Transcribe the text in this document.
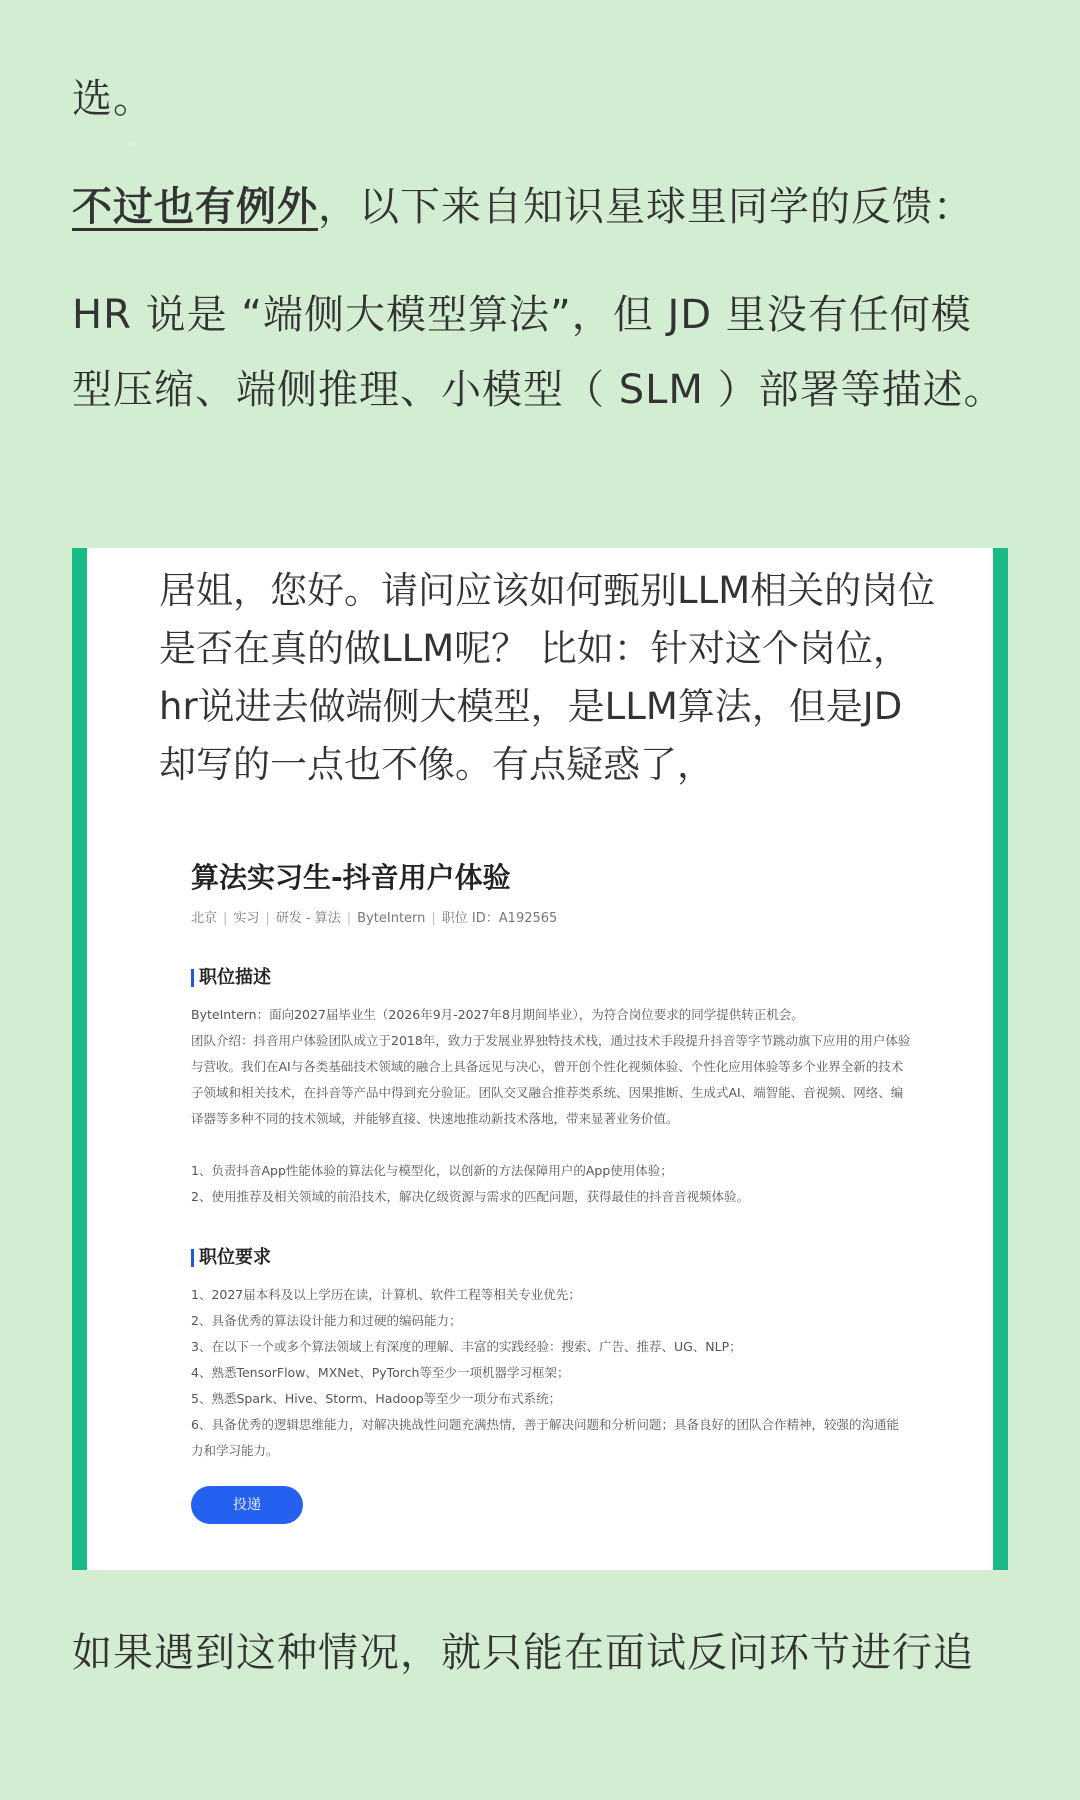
选。

不过也有例外，以下来自知识星球里同学的反馈：

HR 说是 “端侧大模型算法”，但 JD 里没有任何模型压缩、端侧推理、小模型（ SLM ）部署等描述。

居姐，您好。请问应该如何甄别LLM相关的岗位是否在真的做LLM呢？ 比如：针对这个岗位，hr说进去做端侧大模型，是LLM算法，但是JD却写的一点也不像。有点疑惑了，

算法实习生-抖音用户体验
北京 | 实习 | 研发 - 算法 | ByteIntern | 职位 ID：A192565
职位描述

ByteIntern：面向2027届毕业生（2026年9月-2027年8月期间毕业），为符合岗位要求的同学提供转正机会。

团队介绍：抖音用户体验团队成立于2018年，致力于发展业界独特技术栈，通过技术手段提升抖音等字节跳动旗下应用的用户体验与营收。我们在AI与各类基础技术领域的融合上具备远见与决心，曾开创个性化视频体验、个性化应用体验等多个业界全新的技术子领域和相关技术，在抖音等产品中得到充分验证。团队交叉融合推荐类系统、因果推断、生成式AI、端智能、音视频、网络、编译器等多种不同的技术领域，并能够直接、快速地推动新技术落地，带来显著业务价值。

1、负责抖音App性能体验的算法化与模型化，以创新的方法保障用户的App使用体验；

2、使用推荐及相关领域的前沿技术，解决亿级资源与需求的匹配问题，获得最佳的抖音音视频体验。

职位要求

1、2027届本科及以上学历在读，计算机、软件工程等相关专业优先；

2、具备优秀的算法设计能力和过硬的编码能力；

3、在以下一个或多个算法领域上有深度的理解、丰富的实践经验：搜索、广告、推荐、UG、NLP；

4、熟悉TensorFlow、MXNet、PyTorch等至少一项机器学习框架；

5、熟悉Spark、Hive、Storm、Hadoop等至少一项分布式系统；

6、具备优秀的逻辑思维能力，对解决挑战性问题充满热情，善于解决问题和分析问题；具备良好的团队合作精神，较强的沟通能力和学习能力。

投递

如果遇到这种情况，就只能在面试反问环节进行追
